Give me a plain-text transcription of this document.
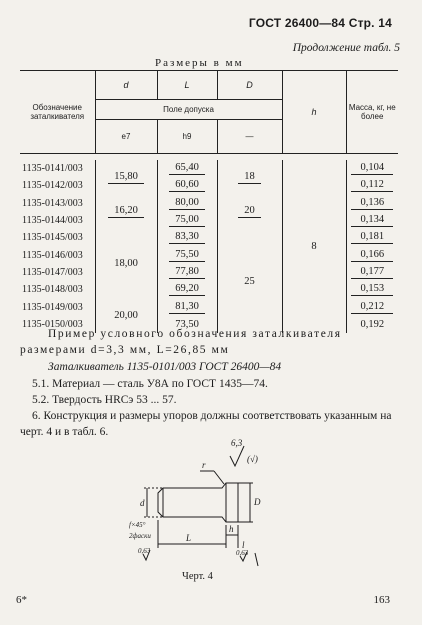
ГОСТ 26400—84 Стр. 14
Продолжение табл. 5
Размеры в мм
Обозначение заталкивателя	d	L	D	h	Масса, кг, не более
	Поле допуска				
	e7	h9	—		

1135-0141/003	15,80	65,40	18	8	0,104
1135-0142/003		60,60			0,112
1135-0143/003	16,20	80,00	20		0,136
1135-0144/003		75,00			0,134
1135-0145/003	18,00	83,30	25		0,181
1135-0146/003		75,50			0,166
1135-0147/003		77,80			0,177
1135-0148/003		69,20			0,153
1135-0149/003	20,00	81,30			0,212
1135-0150/003		73,50			0,192
Пример условного обозначения заталкивателя размерами d=3,3 мм, L=26,85 мм
Заталкиватель 1135-0101/003 ГОСТ 26400—84
5.1. Материал — сталь У8А по ГОСТ 1435—74.
5.2. Твердость HRCэ 53 ... 57.
6. Конструкция и размеры упоров должны соответствовать указанным на черт. 4 и в табл. 6.
r
6,3
(√)
d	D
L
h
l
f×45°
2фаски
0,63	0,63
Черт. 4
6*	163
